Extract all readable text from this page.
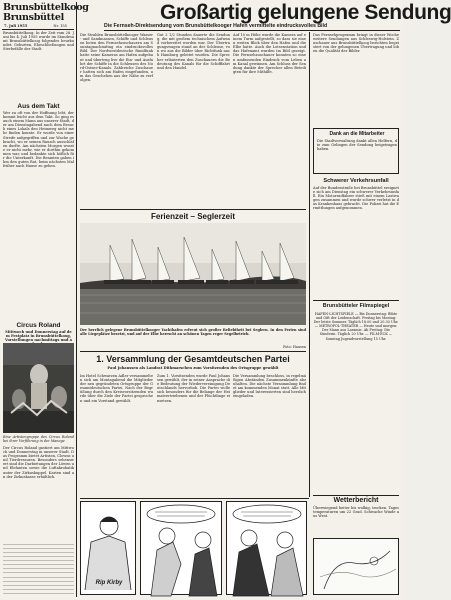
Brunsbüttelkoog
Brunsbüttel
7. Juli 1955	Nr. 155
Großartig gelungene Sendung
Die Fernseh-Direktsendung vom Brunsbüttelkooger Hafen vermittelte eindrucksvolles Bild
Brunsbüttelkoog. In der Zeit vom 28. Juni bis 4. Juli 1955 wurde im Standesamt Brunsbüttelkoog folgendes beurkundet: Geburten, Eheschließungen und Sterbefälle der Stadt.
Aus dem Takt
Wer zu oft von der Hoffnung lebt, der kommt leicht aus dem Takt. So ging es auch einem Mann aus unserer Stadt, der am Dienstagabend nach dem Besuch eines Lokals den Heimweg nicht mehr finden konnte. Er wurde von einer Streife aufgegriffen und zur Wache gebracht, wo er seinen Rausch ausschlafen durfte. Am nächsten Morgen wusste er nicht mehr, wie er dorthin gekommen war, und bedankte sich höflich für die Unterkunft. Die Beamten gaben ihm den guten Rat, beim nächsten Mal früher nach Hause zu gehen.
Circus Roland
Mittwoch und Donnerstag auf dem Festplatz in Brunsbüttelkoog, Vorstellungen nachmittags und a
Eine Artistengruppe des Circus Roland bei ihrer Vorführung in der Manege
Der Circus Roland gastiert am Mittwoch und Donnerstag in unserer Stadt. Das Programm bietet Artisten, Clowns und Tierdressuren. Besonders sehenswert sind die Darbietungen der Löwen und Elefanten sowie die Luftakrobatik unter der Zirkuskuppel. Karten sind an der Zirkuskasse erhältlich.
Die Strahlen Brunsbüttelkooger Wasser- und Sandmassen, Schiffe und Schleusen boten den Fernsehzuschauern am Sonntagnachmittag ein eindrucksvolles Bild. Der Nordwestdeutsche Rundfunk hatte seine Kameras am Hafen aufgebaut und übertrug live die Ein- und Ausfahrt der Schiffe in die Schleusen des Nord-Ostsee-Kanals. Zahlreiche Zuschauer hatten sich am Hafen eingefunden, um das Geschehen aus der Nähe zu verfolgen.
Gut 2 1/2 Stunden dauerte die Sendung, die mit großem technischem Aufwand vorbereitet worden war. Der Übertragungswagen stand an der Schleuse, von wo aus die Bilder über Richtfunk nach Hamburg geleitet wurden. Die Sprecher erläuterten den Zuschauern die Bedeutung des Kanals für die Schifffahrt und den Handel.
Auf 10 m Höhe wurde die Kamera auf einem Turm aufgestellt, so dass sie einen weiten Blick über den Hafen und die Elbe hatte. Auch die Lotsenstation und das Hafenamt wurden im Bild gezeigt. Die Fernsehzuschauer konnten so einen umfassenden Eindruck vom Leben am Kanal gewinnen. Am Schluss der Sendung dankte der Sprecher allen Beteiligten für ihre Mithilfe.
Ferienzeit – Seglerzeit
Der herrlich gelegene Brunsbüttelkooger Yachthafen erfreut sich großer Beliebtheit bei Seglern. In den Ferien sind alle Liegeplätze besetzt, und auf der Elbe herrscht an schönen Tagen reger Segelbetrieb.
Foto: Hausen
1. Versammlung der Gesamtdeutschen Partei
Paul Johanssen als Landrat Dithmarschen zum Vorsitzenden des Ortsgruppe gewählt
Im Hotel Schwarzen Adler versammelten sich am Montagabend die Mitglieder der neu gegründeten Ortsgruppe der Gesamtdeutschen Partei. Nach der Begrüßung durch den Kreisvorsitzenden wurde über die Ziele der Partei gesprochen und ein Vorstand gewählt.
Zum 1. Vorsitzenden wurde Paul Johanssen gewählt, der in seiner Ansprache die Bedeutung der Wiedervereinigung Deutschlands hervorhob. Die Partei wolle sich besonders für die Belange der Heimatvertriebenen und der Flüchtlinge einsetzen.
Die Versammlung beschloss, in regelmäßigen Abständen Zusammenkünfte abzuhalten. Die nächste Versammlung findet am kommenden Monat statt. Alle Mitglieder und Interessierten sind herzlich eingeladen.
Das Fernsehprogramm bringt in dieser Woche weitere Sendungen aus Schleswig-Holstein. Zuschauer aus Brunsbüttelkoog berichten begeistert von der gelungenen Übertragung und loben die Qualität der Bilder.
Dank an die Mitarbeiter
Die Stadtverwaltung dankt allen Helfern, die zum Gelingen der Sendung beigetragen haben.
Schwerer Verkehrsunfall
Auf der Bundesstraße bei Brunsbüttel ereignete sich am Dienstag ein schwerer Verkehrsunfall. Ein Motorradfahrer stieß mit einem Lastwagen zusammen und wurde schwer verletzt in das Krankenhaus gebracht. Die Polizei hat die Ermittlungen aufgenommen.
Brunsbütteler Filmspiegel
HAFEN-LICHTSPIELE — Bis Donnerstag: Blüte und Gift der Leidenschaft. Freitag bis Montag: Der letzte Sommer. Täglich 18.00 und 20.30 Uhr. — METROPOL-THEATER — Heute und morgen: Der Mann aus Laramie. Ab Freitag: Die Sünderin. Täglich 20 Uhr. — FILM-ECK — Sonntag Jugendvorstellung 15 Uhr.
Wetterbericht
Überwiegend heiter bis wolkig, trocken. Tagestemperaturen um 22 Grad. Schwache Winde aus West.
Rip Kirby
